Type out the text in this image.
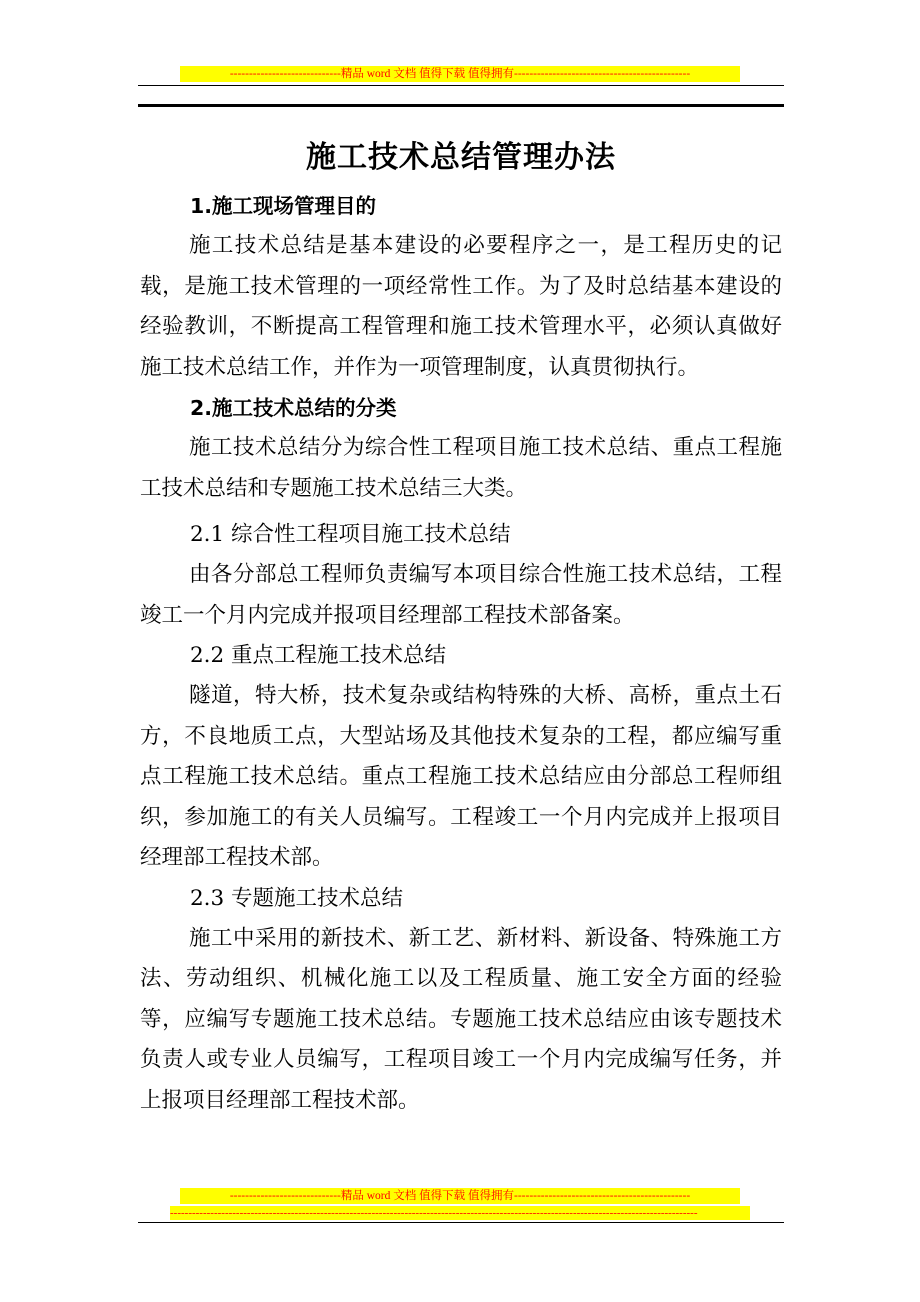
-----------------------------精品 word 文档 值得下载 值得拥有----------------------------------------------
施工技术总结管理办法

1.施工现场管理目的

施工技术总结是基本建设的必要程序之一，是工程历史的记载，是施工技术管理的一项经常性工作。为了及时总结基本建设的经验教训，不断提高工程管理和施工技术管理水平，必须认真做好施工技术总结工作，并作为一项管理制度，认真贯彻执行。

2.施工技术总结的分类

施工技术总结分为综合性工程项目施工技术总结、重点工程施工技术总结和专题施工技术总结三大类。

2.1 综合性工程项目施工技术总结

由各分部总工程师负责编写本项目综合性施工技术总结，工程竣工一个月内完成并报项目经理部工程技术部备案。

2.2 重点工程施工技术总结

隧道，特大桥，技术复杂或结构特殊的大桥、高桥，重点土石方，不良地质工点，大型站场及其他技术复杂的工程，都应编写重点工程施工技术总结。重点工程施工技术总结应由分部总工程师组织，参加施工的有关人员编写。工程竣工一个月内完成并上报项目经理部工程技术部。

2.3 专题施工技术总结

施工中采用的新技术、新工艺、新材料、新设备、特殊施工方法、劳动组织、机械化施工以及工程质量、施工安全方面的经验等，应编写专题施工技术总结。专题施工技术总结应由该专题技术负责人或专业人员编写，工程项目竣工一个月内完成编写任务，并上报项目经理部工程技术部。

-----------------------------精品 word 文档 值得下载 值得拥有----------------------------------------------
------------------------------------------------------------------------------------------------------------------------------------------------
